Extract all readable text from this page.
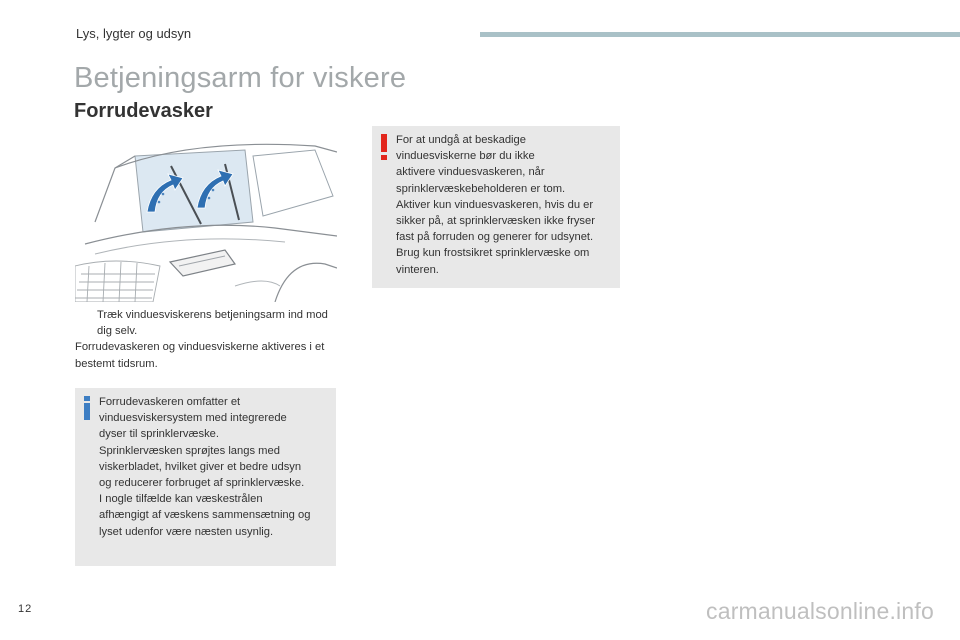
Lys, lygter og udsyn
Betjeningsarm for viskere
Forrudevasker
Træk vinduesviskerens betjeningsarm ind mod dig selv.
Forrudevaskeren og vinduesviskerne aktiveres i et bestemt tidsrum.
Forrudevaskeren omfatter et
vinduesviskersystem med integrerede
dyser til sprinklervæske.
Sprinklervæsken sprøjtes langs med
viskerbladet, hvilket giver et bedre udsyn
og reducerer forbruget af sprinklervæske.
I nogle tilfælde kan væskestrålen
afhængigt af væskens sammensætning og
lyset udenfor være næsten usynlig.
For at undgå at beskadige
vinduesviskerne bør du ikke
aktivere vinduesvaskeren, når
sprinklervæskebeholderen er tom.
Aktiver kun vinduesvaskeren, hvis du er
sikker på, at sprinklervæsken ikke fryser
fast på forruden og generer for udsynet.
Brug kun frostsikret sprinklervæske om
vinteren.
12	carmanualsonline.info
